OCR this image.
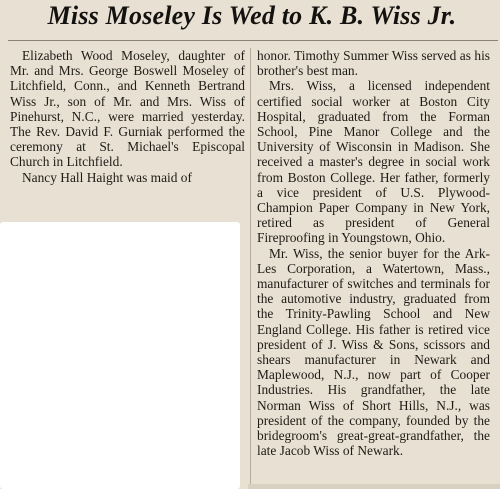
Miss Moseley Is Wed to K. B. Wiss Jr.

Elizabeth Wood Moseley, daughter of Mr. and Mrs. George Boswell Moseley of Litchfield, Conn., and Kenneth Bertrand Wiss Jr., son of Mr. and Mrs. Wiss of Pinehurst, N.C., were married yesterday. The Rev. David F. Gurniak performed the ceremony at St. Michael's Episcopal Church in Litchfield.

Nancy Hall Haight was maid of

honor. Timothy Summer Wiss served as his brother's best man.

Mrs. Wiss, a licensed independent certified social worker at Boston City Hospital, graduated from the Forman School, Pine Manor College and the University of Wisconsin in Madison. She received a master's degree in social work from Boston College. Her father, formerly a vice president of U.S. Plywood-Champion Paper Company in New York, retired as president of General Fireproofing in Youngstown, Ohio.

Mr. Wiss, the senior buyer for the Ark-Les Corporation, a Watertown, Mass., manufacturer of switches and terminals for the automotive industry, graduated from the Trinity-Pawling School and New England College. His father is retired vice president of J. Wiss & Sons, scissors and shears manufacturer in Newark and Maplewood, N.J., now part of Cooper Industries. His grandfather, the late Norman Wiss of Short Hills, N.J., was president of the company, founded by the bridegroom's great-great-grandfather, the late Jacob Wiss of Newark.
